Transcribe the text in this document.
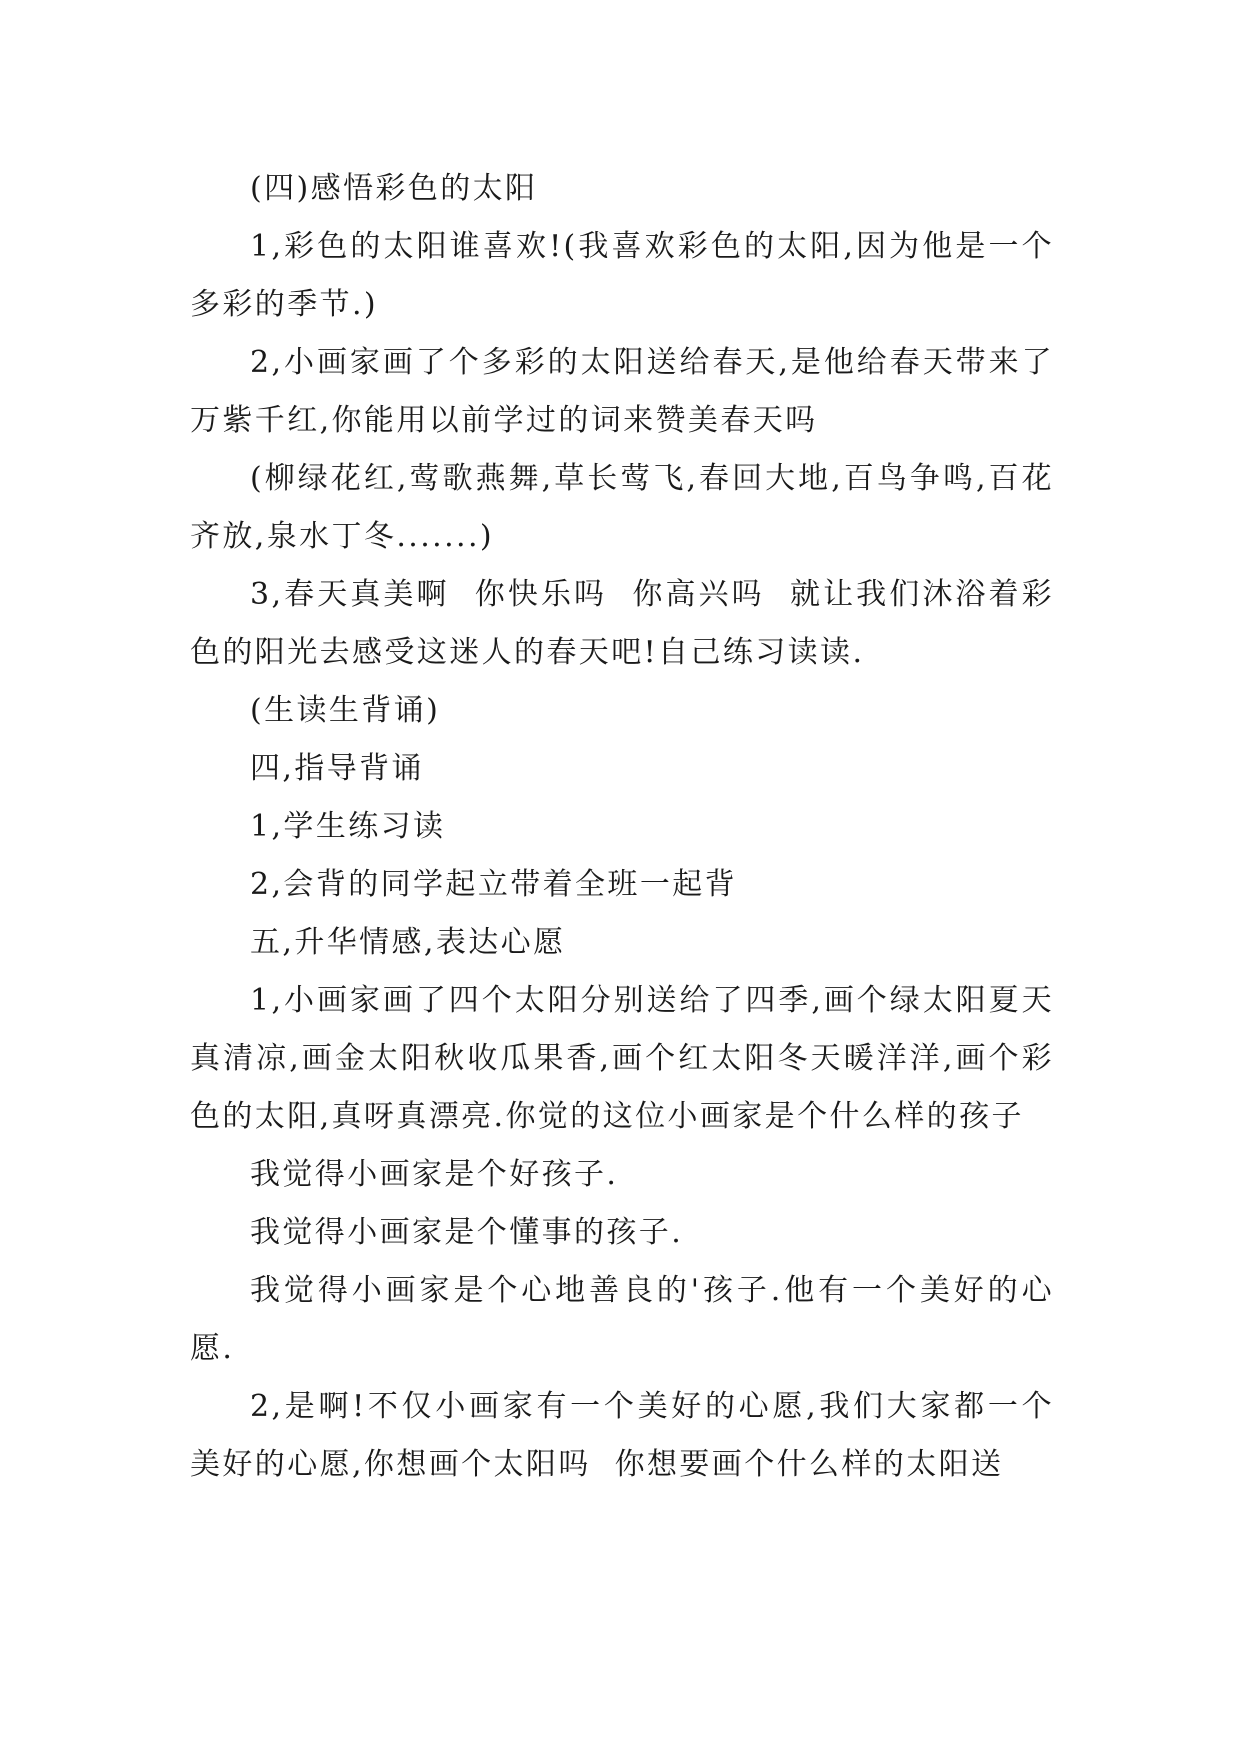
(四)感悟彩色的太阳

1,彩色的太阳谁喜欢!(我喜欢彩色的太阳,因为他是一个多彩的季节.)

2,小画家画了个多彩的太阳送给春天,是他给春天带来了万紫千红,你能用以前学过的词来赞美春天吗

(柳绿花红,莺歌燕舞,草长莺飞,春回大地,百鸟争鸣,百花齐放,泉水丁冬.......)

3,春天真美啊  你快乐吗  你高兴吗  就让我们沐浴着彩色的阳光去感受这迷人的春天吧!自己练习读读.

(生读生背诵)

四,指导背诵

1,学生练习读

2,会背的同学起立带着全班一起背

五,升华情感,表达心愿

1,小画家画了四个太阳分别送给了四季,画个绿太阳夏天真清凉,画金太阳秋收瓜果香,画个红太阳冬天暖洋洋,画个彩色的太阳,真呀真漂亮.你觉的这位小画家是个什么样的孩子

我觉得小画家是个好孩子.

我觉得小画家是个懂事的孩子.

我觉得小画家是个心地善良的'孩子.他有一个美好的心愿.

2,是啊!不仅小画家有一个美好的心愿,我们大家都一个美好的心愿,你想画个太阳吗  你想要画个什么样的太阳送
